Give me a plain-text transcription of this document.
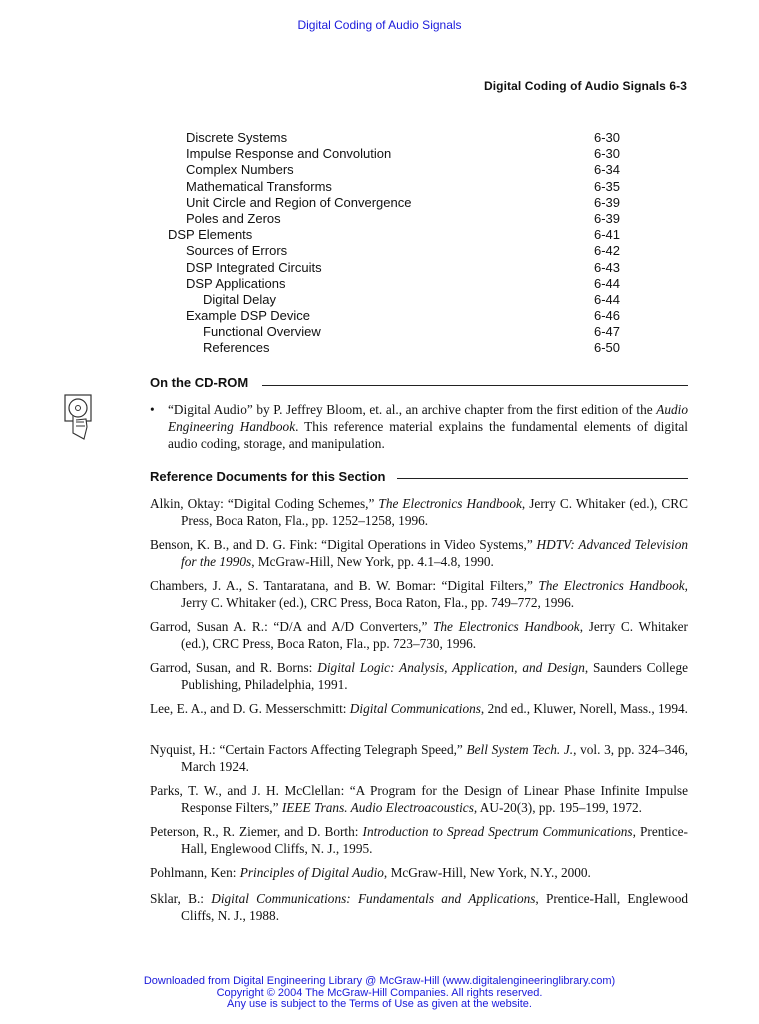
Digital Coding of Audio Signals
Digital Coding of Audio Signals 6-3
Discrete Systems	6-30
Impulse Response and Convolution	6-30
Complex Numbers	6-34
Mathematical Transforms	6-35
Unit Circle and Region of Convergence	6-39
Poles and Zeros	6-39
DSP Elements	6-41
Sources of Errors	6-42
DSP Integrated Circuits	6-43
DSP Applications	6-44
Digital Delay	6-44
Example DSP Device	6-46
Functional Overview	6-47
References	6-50
On the CD-ROM
• “Digital Audio” by P. Jeffrey Bloom, et. al., an archive chapter from the first edition of the Audio Engineering Handbook. This reference material explains the fundamental elements of digital audio coding, storage, and manipulation.
Reference Documents for this Section
Alkin, Oktay: “Digital Coding Schemes,” The Electronics Handbook, Jerry C. Whitaker (ed.), CRC Press, Boca Raton, Fla., pp. 1252–1258, 1996.
Benson, K. B., and D. G. Fink: “Digital Operations in Video Systems,” HDTV: Advanced Television for the 1990s, McGraw-Hill, New York, pp. 4.1–4.8, 1990.
Chambers, J. A., S. Tantaratana, and B. W. Bomar: “Digital Filters,” The Electronics Handbook, Jerry C. Whitaker (ed.), CRC Press, Boca Raton, Fla., pp. 749–772, 1996.
Garrod, Susan A. R.: “D/A and A/D Converters,” The Electronics Handbook, Jerry C. Whitaker (ed.), CRC Press, Boca Raton, Fla., pp. 723–730, 1996.
Garrod, Susan, and R. Borns: Digital Logic: Analysis, Application, and Design, Saunders College Publishing, Philadelphia, 1991.
Lee, E. A., and D. G. Messerschmitt: Digital Communications, 2nd ed., Kluwer, Norell, Mass., 1994.
Nyquist, H.: “Certain Factors Affecting Telegraph Speed,” Bell System Tech. J., vol. 3, pp. 324–346, March 1924.
Parks, T. W., and J. H. McClellan: “A Program for the Design of Linear Phase Infinite Impulse Response Filters,” IEEE Trans. Audio Electroacoustics, AU-20(3), pp. 195–199, 1972.
Peterson, R., R. Ziemer, and D. Borth: Introduction to Spread Spectrum Communications, Prentice-Hall, Englewood Cliffs, N. J., 1995.
Pohlmann, Ken: Principles of Digital Audio, McGraw-Hill, New York, N.Y., 2000.
Sklar, B.: Digital Communications: Fundamentals and Applications, Prentice-Hall, Englewood Cliffs, N. J., 1988.
Downloaded from Digital Engineering Library @ McGraw-Hill (www.digitalengineeringlibrary.com)
Copyright © 2004 The McGraw-Hill Companies. All rights reserved.
Any use is subject to the Terms of Use as given at the website.
